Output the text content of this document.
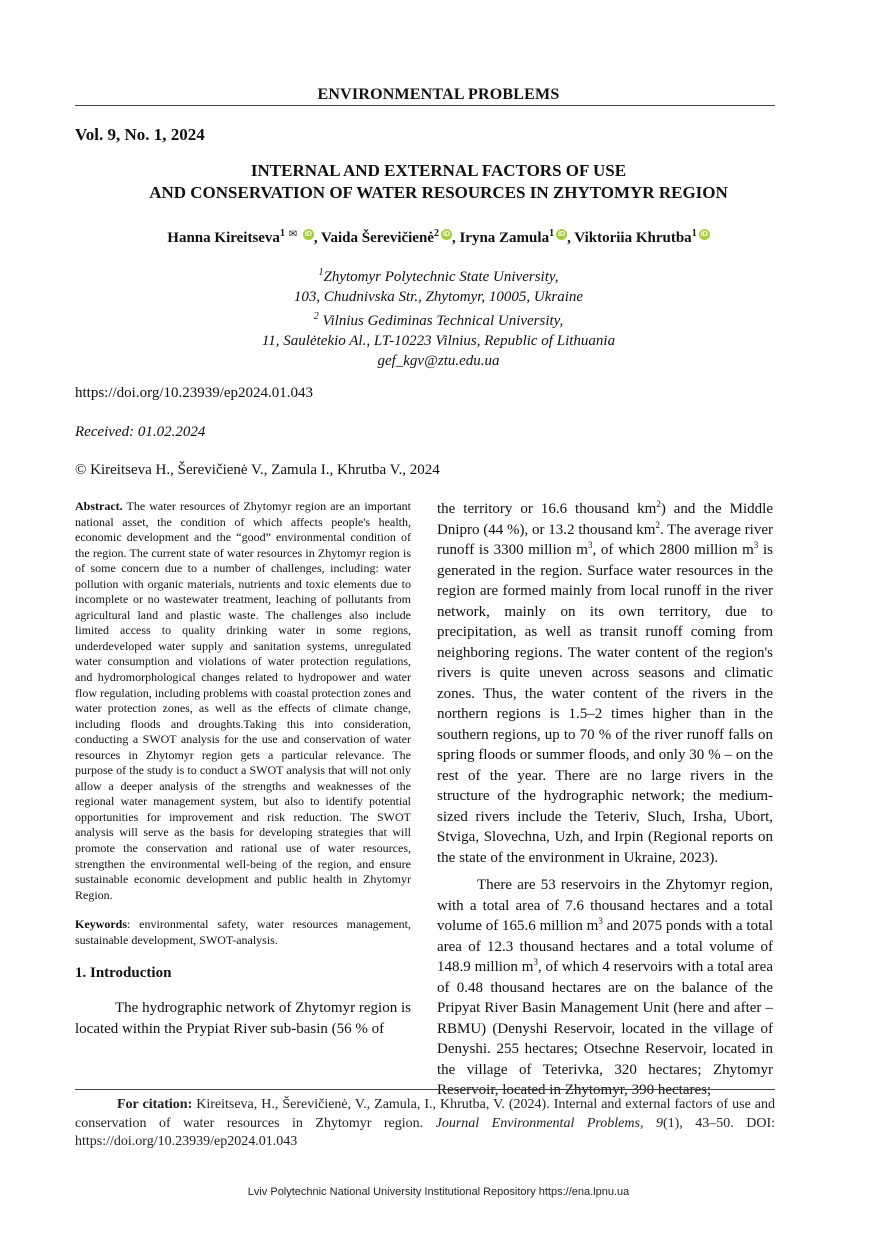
ENVIRONMENTAL PROBLEMS
Vol. 9, No. 1, 2024
INTERNAL AND EXTERNAL FACTORS OF USE
AND CONSERVATION OF WATER RESOURCES IN ZHYTOMYR REGION
Hanna Kireitseva$^1$ ✉ iD , Vaida Šerevičienė$^2$ iD , Iryna Zamula$^1$ iD , Viktoriia Khrutba$^1$ iD
$^1$Zhytomyr Polytechnic State University,
103, Chudnivska Str., Zhytomyr, 10005, Ukraine
$^2$ Vilnius Gediminas Technical University,
11, Saulėtekio Al., LT-10223 Vilnius, Republic of Lithuania
gef_kgv@ztu.edu.ua
https://doi.org/10.23939/ep2024.01.043
Received: 01.02.2024
© Kireitseva H., Šerevičienė V., Zamula I., Khrutba V., 2024
Abstract. The water resources of Zhytomyr region are an important national asset, the condition of which affects people's health, economic development and the “good” environmental condition of the region. The current state of water resources in Zhytomyr region is of some concern due to a number of challenges, including: water pollution with organic materials, nutrients and toxic elements due to incomplete or no wastewater treatment, leaching of pollutants from agricultural land and plastic waste. The challenges also include limited access to quality drinking water in some regions, underdeveloped water supply and sanitation systems, unregulated water consumption and violations of water protection regulations, and hydromorphological changes related to hydropower and water flow regulation, including problems with coastal protection zones and water protection zones, as well as the effects of climate change, including floods and droughts.Taking this into consideration, conducting a SWOT analysis for the use and conservation of water resources in Zhytomyr region gets a particular relevance. The purpose of the study is to conduct a SWOT analysis that will not only allow a deeper analysis of the strengths and weaknesses of the regional water management system, but also to identify potential opportunities for improvement and risk reduction. The SWOT analysis will serve as the basis for developing strategies that will promote the conservation and rational use of water resources, strengthen the environmental well-being of the region, and ensure sustainable economic development and public health in Zhytomyr Region.
Keywords: environmental safety, water resources management, sustainable development, SWOT-analysis.
1. Introduction
The hydrographic network of Zhytomyr region is located within the Prypiat River sub-basin (56 % of

the territory or 16.6 thousand $km^2$) and the Middle Dnipro (44 %), or 13.2 thousand $km^2$. The average river runoff is 3300 million $m^3$, of which 2800 million $m^3$ is generated in the region. Surface water resources in the region are formed mainly from local runoff in the river network, mainly on its own territory, due to precipitation, as well as transit runoff coming from neighboring regions. The water content of the region's rivers is quite uneven across seasons and climatic zones. Thus, the water content of the rivers in the northern regions is 1.5–2 times higher than in the southern regions, up to 70 % of the river runoff falls on spring floods or summer floods, and only 30 % – on the rest of the year. There are no large rivers in the structure of the hydrographic network; the medium-sized rivers include the Teteriv, Sluch, Irsha, Ubort, Stviga, Slovechna, Uzh, and Irpin (Regional reports on the state of the environment in Ukraine, 2023).

There are 53 reservoirs in the Zhytomyr region, with a total area of 7.6 thousand hectares and a total volume of 165.6 million $m^3$ and 2075 ponds with a total area of 12.3 thousand hectares and a total volume of 148.9 million $m^3$, of which 4 reservoirs with a total area of 0.48 thousand hectares are on the balance of the Pripyat River Basin Management Unit (here and after – RBMU) (Denyshi Reservoir, located in the village of Denyshi. 255 hectares; Otsechne Reservoir, located in the village of Teterivka, 320 hectares; Zhytomyr Reservoir, located in Zhytomyr, 390 hectares;

For citation: Kireitseva, H., Šerevičienė, V., Zamula, I., Khrutba, V. (2024). Internal and external factors of use and conservation of water resources in Zhytomyr region. Journal Environmental Problems, 9(1), 43–50. DOI: https://doi.org/10.23939/ep2024.01.043
Lviv Polytechnic National University Institutional Repository https://ena.lpnu.ua
